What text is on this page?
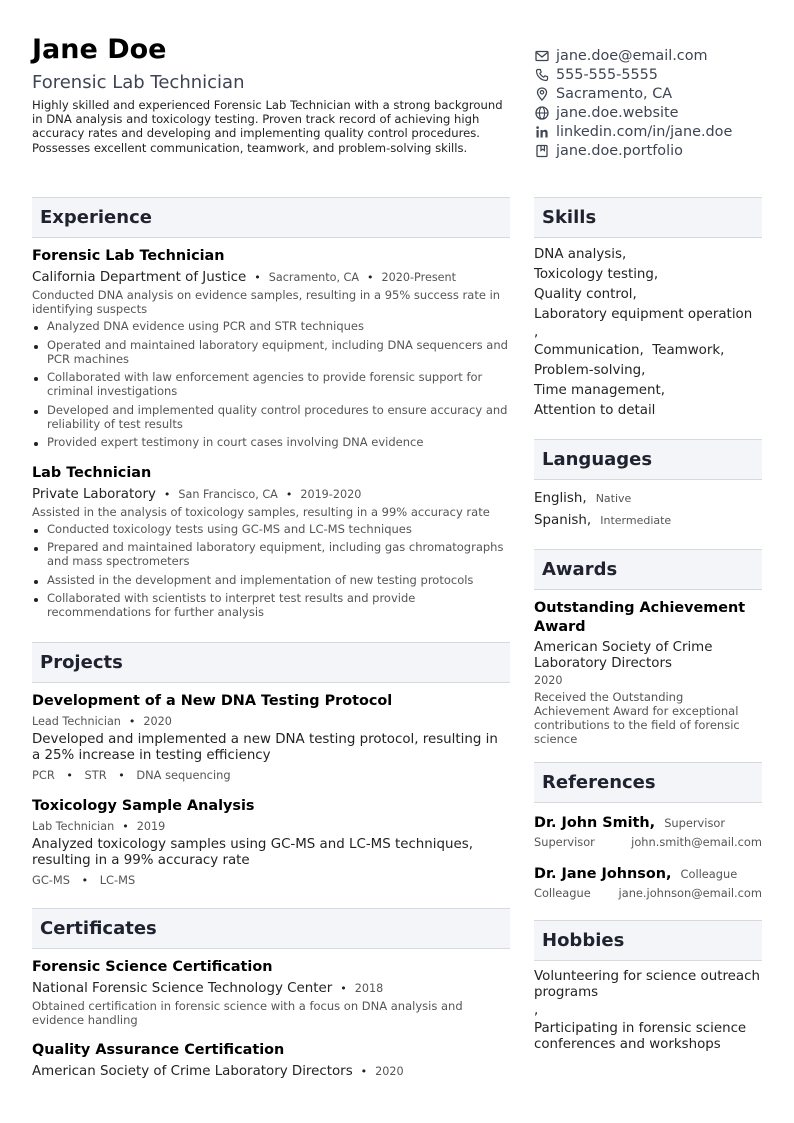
Jane Doe
Forensic Lab Technician
Highly skilled and experienced Forensic Lab Technician with a strong background in DNA analysis and toxicology testing. Proven track record of achieving high accuracy rates and developing and implementing quality control procedures. Possesses excellent communication, teamwork, and problem-solving skills.
jane.doe@email.com
555-555-5555
Sacramento, CA
jane.doe.website
linkedin.com/in/jane.doe
jane.doe.portfolio
Experience
Forensic Lab Technician
California Department of Justice • Sacramento, CA • 2020-Present
Conducted DNA analysis on evidence samples, resulting in a 95% success rate in identifying suspects
Analyzed DNA evidence using PCR and STR techniques
Operated and maintained laboratory equipment, including DNA sequencers and PCR machines
Collaborated with law enforcement agencies to provide forensic support for criminal investigations
Developed and implemented quality control procedures to ensure accuracy and reliability of test results
Provided expert testimony in court cases involving DNA evidence
Lab Technician
Private Laboratory • San Francisco, CA • 2019-2020
Assisted in the analysis of toxicology samples, resulting in a 99% accuracy rate
Conducted toxicology tests using GC-MS and LC-MS techniques
Prepared and maintained laboratory equipment, including gas chromatographs and mass spectrometers
Assisted in the development and implementation of new testing protocols
Collaborated with scientists to interpret test results and provide recommendations for further analysis
Projects
Development of a New DNA Testing Protocol
Lead Technician • 2020
Developed and implemented a new DNA testing protocol, resulting in a 25% increase in testing efficiency
PCR • STR • DNA sequencing
Toxicology Sample Analysis
Lab Technician • 2019
Analyzed toxicology samples using GC-MS and LC-MS techniques, resulting in a 99% accuracy rate
GC-MS • LC-MS
Certificates
Forensic Science Certification
National Forensic Science Technology Center • 2018
Obtained certification in forensic science with a focus on DNA analysis and evidence handling
Quality Assurance Certification
American Society of Crime Laboratory Directors • 2020
Skills
DNA analysis,
Toxicology testing,
Quality control,
Laboratory equipment operation
,
Communication,  Teamwork,
Problem-solving,
Time management,
Attention to detail
Languages
English, Native
Spanish, Intermediate
Awards
Outstanding Achievement Award
American Society of Crime Laboratory Directors
2020
Received the Outstanding Achievement Award for exceptional contributions to the field of forensic science
References
Dr. John Smith, Supervisor
Supervisor	john.smith@email.com
Dr. Jane Johnson, Colleague
Colleague jane.johnson@email.com
Hobbies
Volunteering for science outreach programs
,
Participating in forensic science conferences and workshops
